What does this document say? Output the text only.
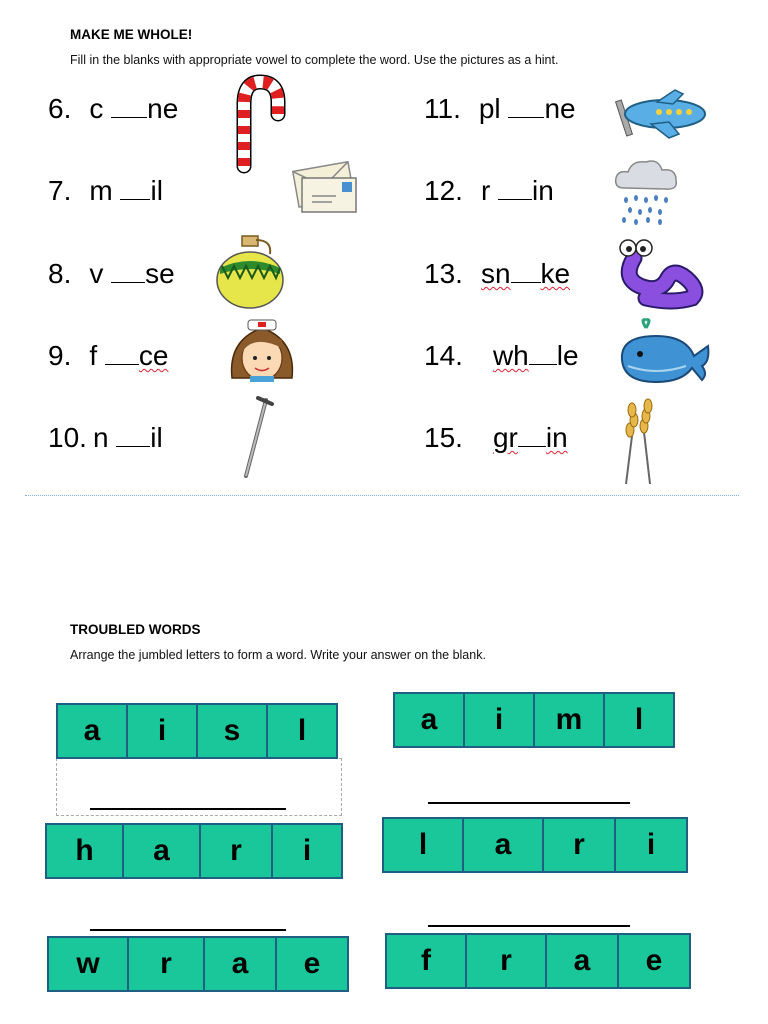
MAKE ME WHOLE!
Fill in the blanks with appropriate vowel to complete the word. Use the pictures as a hint.
6. c ne
7. m il
8. v se
9. f ce
10. n il
11. pl ne
12. r in
13. sn ke
14. wh le
15. gr in
TROUBLED WORDS
Arrange the jumbled letters to form a word. Write your answer on the blank.
a	i	s	l	a	i	m	l
h	a	r	i	l	a	r	i
w	r	a	e	f	r	a	e
